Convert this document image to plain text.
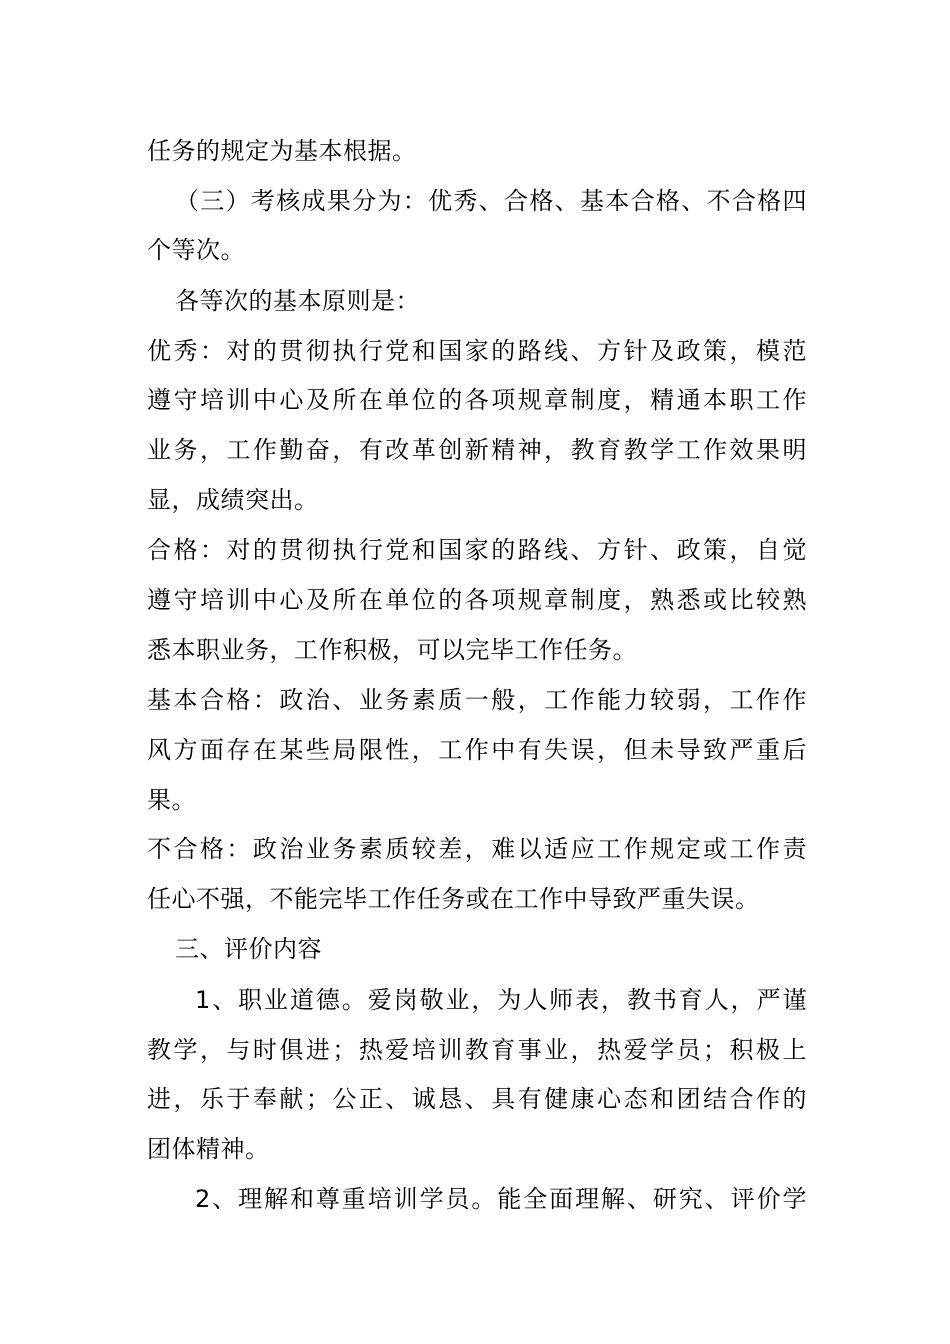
任务的规定为基本根据。
（三）考核成果分为：优秀、合格、基本合格、不合格四
个等次。
各等次的基本原则是：
优秀：对的贯彻执行党和国家的路线、方针及政策，模范
遵守培训中心及所在单位的各项规章制度，精通本职工作
业务，工作勤奋，有改革创新精神，教育教学工作效果明
显，成绩突出。
合格：对的贯彻执行党和国家的路线、方针、政策，自觉
遵守培训中心及所在单位的各项规章制度，熟悉或比较熟
悉本职业务，工作积极，可以完毕工作任务。
基本合格：政治、业务素质一般，工作能力较弱，工作作
风方面存在某些局限性，工作中有失误，但未导致严重后
果。
不合格：政治业务素质较差，难以适应工作规定或工作责
任心不强，不能完毕工作任务或在工作中导致严重失误。
三、评价内容
1、职业道德。爱岗敬业，为人师表，教书育人，严谨
教学，与时俱进；热爱培训教育事业，热爱学员；积极上
进，乐于奉献；公正、诚恳、具有健康心态和团结合作的
团体精神。
2、理解和尊重培训学员。能全面理解、研究、评价学
